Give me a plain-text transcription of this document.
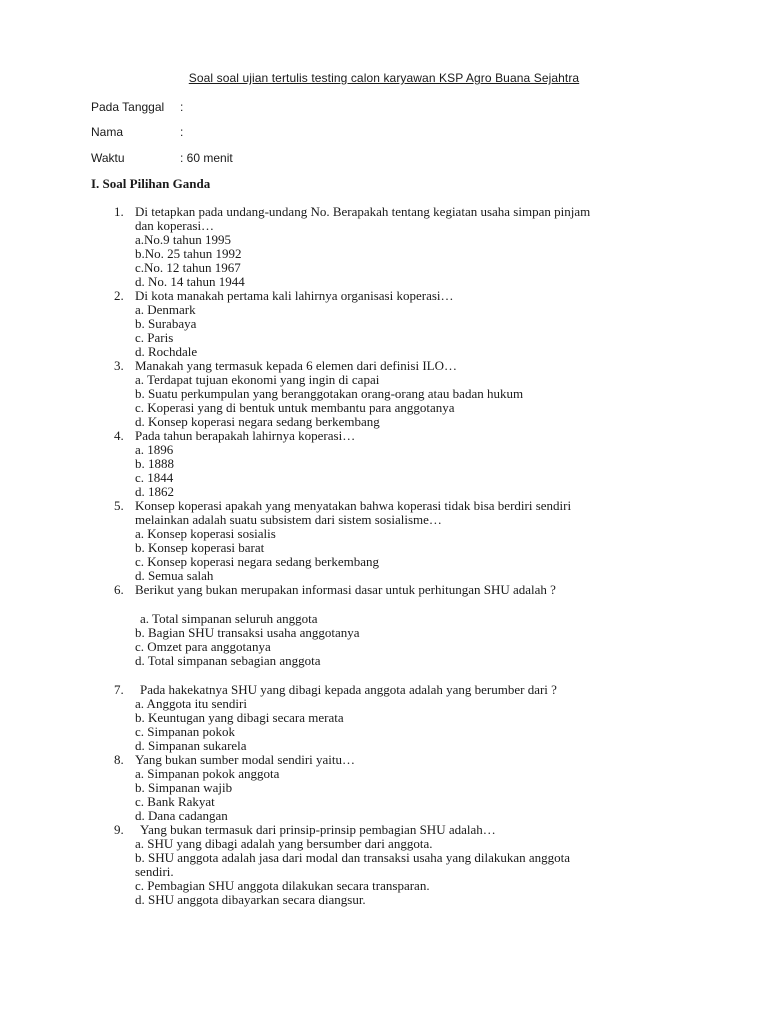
Soal soal ujian tertulis testing calon karyawan KSP Agro Buana Sejahtra
Pada Tanggal :
Nama	:
Waktu	: 60 menit
I. Soal Pilihan Ganda
1. Di tetapkan pada undang-undang No. Berapakah tentang kegiatan usaha simpan pinjam
dan koperasi…
a.No.9 tahun 1995
b.No. 25 tahun 1992
c.No. 12 tahun 1967
d. No. 14 tahun 1944
2. Di kota manakah pertama kali lahirnya organisasi koperasi…
a. Denmark
b. Surabaya
c. Paris
d. Rochdale
3. Manakah yang termasuk kepada 6 elemen dari definisi ILO…
a. Terdapat tujuan ekonomi yang ingin di capai
b. Suatu perkumpulan yang beranggotakan orang-orang atau badan hukum
c. Koperasi yang di bentuk untuk membantu para anggotanya
d. Konsep koperasi negara sedang berkembang
4. Pada tahun berapakah lahirnya koperasi…
a. 1896
b. 1888
c. 1844
d. 1862
5. Konsep koperasi apakah yang menyatakan bahwa koperasi tidak bisa berdiri sendiri
melainkan adalah suatu subsistem dari sistem sosialisme…
a. Konsep koperasi sosialis
b. Konsep koperasi barat
c. Konsep koperasi negara sedang berkembang
d. Semua salah
6. Berikut yang bukan merupakan informasi dasar untuk perhitungan SHU adalah ?
a. Total simpanan seluruh anggota
b. Bagian SHU transaksi usaha anggotanya
c. Omzet para anggotanya
d. Total simpanan sebagian anggota
7. Pada hakekatnya SHU yang dibagi kepada anggota adalah yang berumber dari ?
a. Anggota itu sendiri
b. Keuntugan yang dibagi secara merata
c. Simpanan pokok
d. Simpanan sukarela
8. Yang bukan sumber modal sendiri yaitu…
a. Simpanan pokok anggota
b. Simpanan wajib
c. Bank Rakyat
d. Dana cadangan
9. Yang bukan termasuk dari prinsip-prinsip pembagian SHU adalah…
a. SHU yang dibagi adalah yang bersumber dari anggota.
b. SHU anggota adalah jasa dari modal dan transaksi usaha yang dilakukan anggota
sendiri.
c. Pembagian SHU anggota dilakukan secara transparan.
d. SHU anggota dibayarkan secara diangsur.
